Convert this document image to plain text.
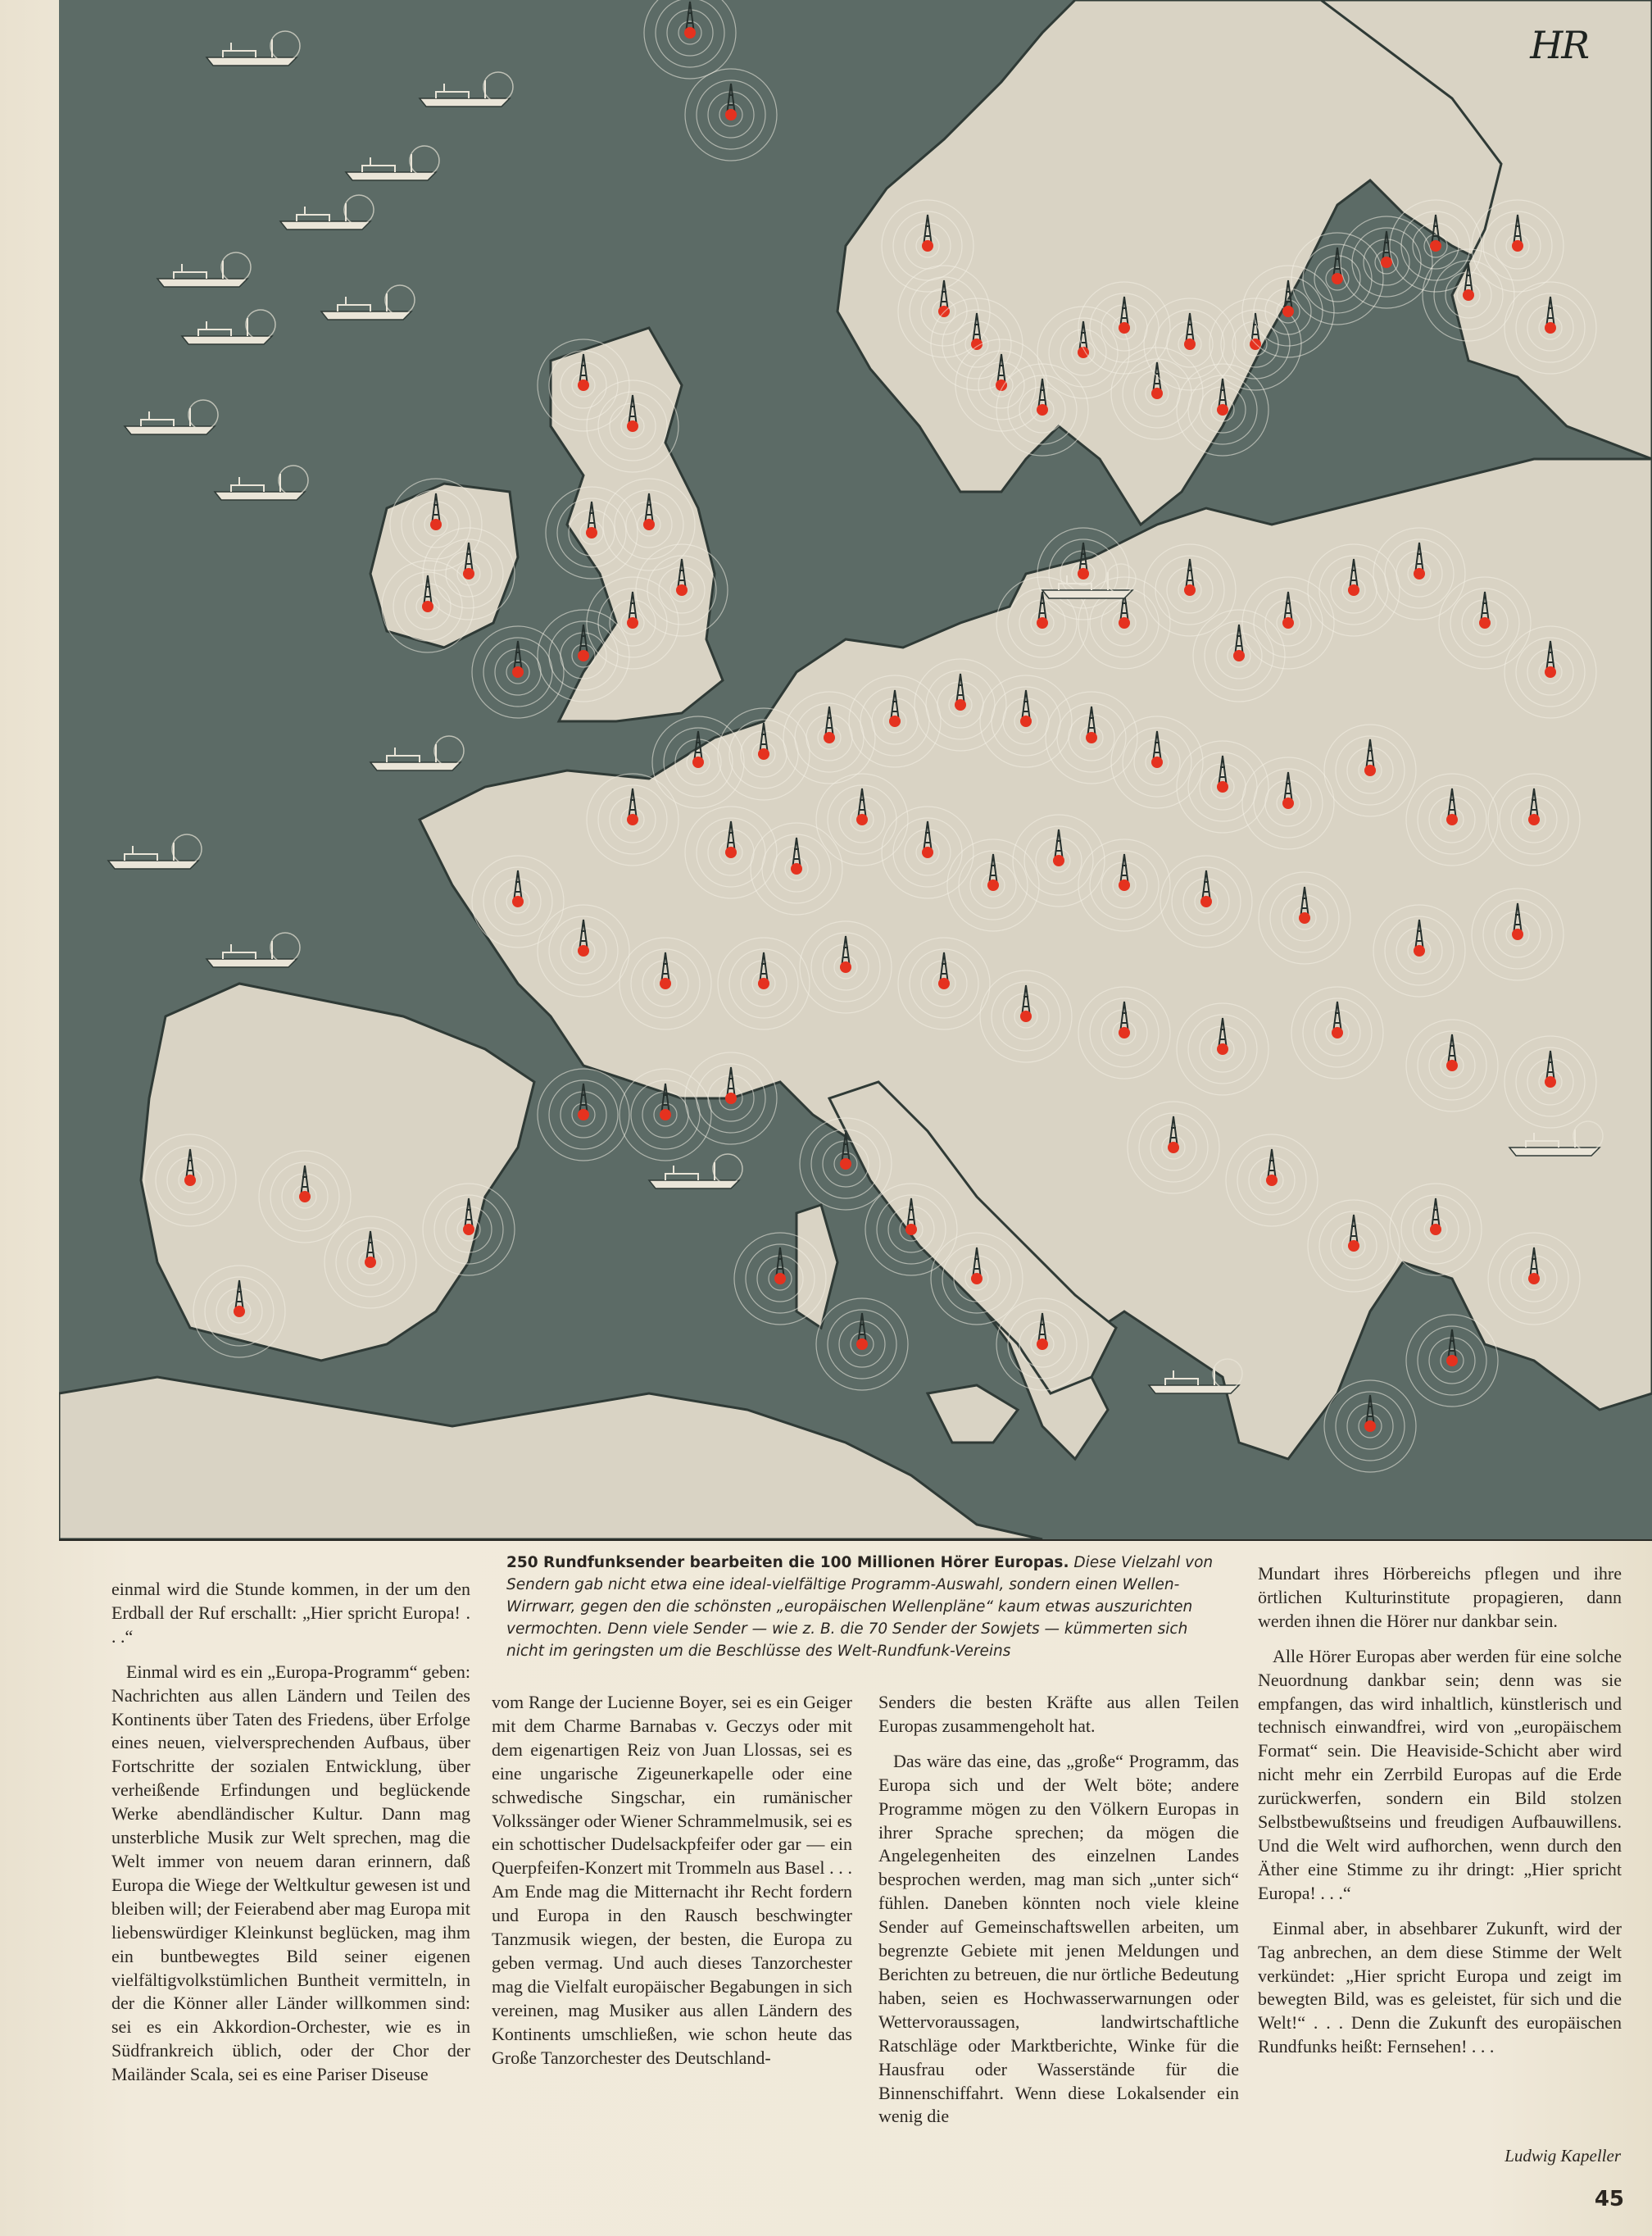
HR
250 Rundfunksender bearbeiten die 100 Millionen Hörer Europas. Diese Vielzahl von Sendern gab nicht etwa eine ideal-vielfältige Programm-Auswahl, sondern einen Wellen-Wirrwarr, gegen den die schönsten „europäischen Wellenpläne“ kaum etwas auszurichten vermochten. Denn viele Sender — wie z. B. die 70 Sender der Sowjets — kümmerten sich nicht im geringsten um die Beschlüsse des Welt-Rundfunk-Vereins

einmal wird die Stunde kommen, in der um den Erdball der Ruf erschallt: „Hier spricht Europa! . . .“

Einmal wird es ein „Europa-Programm“ geben: Nachrichten aus allen Ländern und Teilen des Kontinents über Taten des Friedens, über Erfolge eines neuen, vielversprechenden Aufbaus, über Fortschritte der sozialen Entwicklung, über verheißende Erfindungen und beglückende Werke abendländischer Kultur. Dann mag unsterbliche Musik zur Welt sprechen, mag die Welt immer von neuem daran erinnern, daß Europa die Wiege der Weltkultur gewesen ist und bleiben will; der Feierabend aber mag Europa mit liebenswürdiger Kleinkunst beglücken, mag ihm ein buntbewegtes Bild seiner eigenen vielfältigvolkstümlichen Buntheit vermitteln, in der die Könner aller Länder willkommen sind: sei es ein Akkordion-Orchester, wie es in Südfrankreich üblich, oder der Chor der Mailänder Scala, sei es eine Pariser Diseuse

vom Range der Lucienne Boyer, sei es ein Geiger mit dem Charme Barnabas v. Geczys oder mit dem eigenartigen Reiz von Juan Llossas, sei es eine ungarische Zigeunerkapelle oder eine schwedische Singschar, ein rumänischer Volkssänger oder Wiener Schrammelmusik, sei es ein schottischer Dudelsackpfeifer oder gar — ein Querpfeifen-Konzert mit Trommeln aus Basel . . . Am Ende mag die Mitternacht ihr Recht fordern und Europa in den Rausch beschwingter Tanzmusik wiegen, der besten, die Europa zu geben vermag. Und auch dieses Tanzorchester mag die Vielfalt europäischer Begabungen in sich vereinen, mag Musiker aus allen Ländern des Kontinents umschließen, wie schon heute das Große Tanzorchester des Deutschland-

Senders die besten Kräfte aus allen Teilen Europas zusammengeholt hat.

Das wäre das eine, das „große“ Programm, das Europa sich und der Welt böte; andere Programme mögen zu den Völkern Europas in ihrer Sprache sprechen; da mögen die Angelegenheiten des einzelnen Landes besprochen werden, mag man sich „unter sich“ fühlen. Daneben könnten noch viele kleine Sender auf Gemeinschaftswellen arbeiten, um begrenzte Gebiete mit jenen Meldungen und Berichten zu betreuen, die nur örtliche Bedeutung haben, seien es Hochwasserwarnungen oder Wettervoraussagen, landwirtschaftliche Ratschläge oder Marktberichte, Winke für die Hausfrau oder Wasserstände für die Binnenschiffahrt. Wenn diese Lokalsender ein wenig die

Mundart ihres Hörbereichs pflegen und ihre örtlichen Kulturinstitute propagieren, dann werden ihnen die Hörer nur dankbar sein.

Alle Hörer Europas aber werden für eine solche Neuordnung dankbar sein; denn was sie empfangen, das wird inhaltlich, künstlerisch und technisch einwandfrei, wird von „europäischem Format“ sein. Die Heaviside-Schicht aber wird nicht mehr ein Zerrbild Europas auf die Erde zurückwerfen, sondern ein Bild stolzen Selbstbewußtseins und freudigen Aufbauwillens. Und die Welt wird aufhorchen, wenn durch den Äther eine Stimme zu ihr dringt: „Hier spricht Europa! . . .“

Einmal aber, in absehbarer Zukunft, wird der Tag anbrechen, an dem diese Stimme der Welt verkündet: „Hier spricht Europa und zeigt im bewegten Bild, was es geleistet, für sich und die Welt!“ . . . Denn die Zukunft des europäischen Rundfunks heißt: Fernsehen! . . .

Ludwig Kapeller
45
